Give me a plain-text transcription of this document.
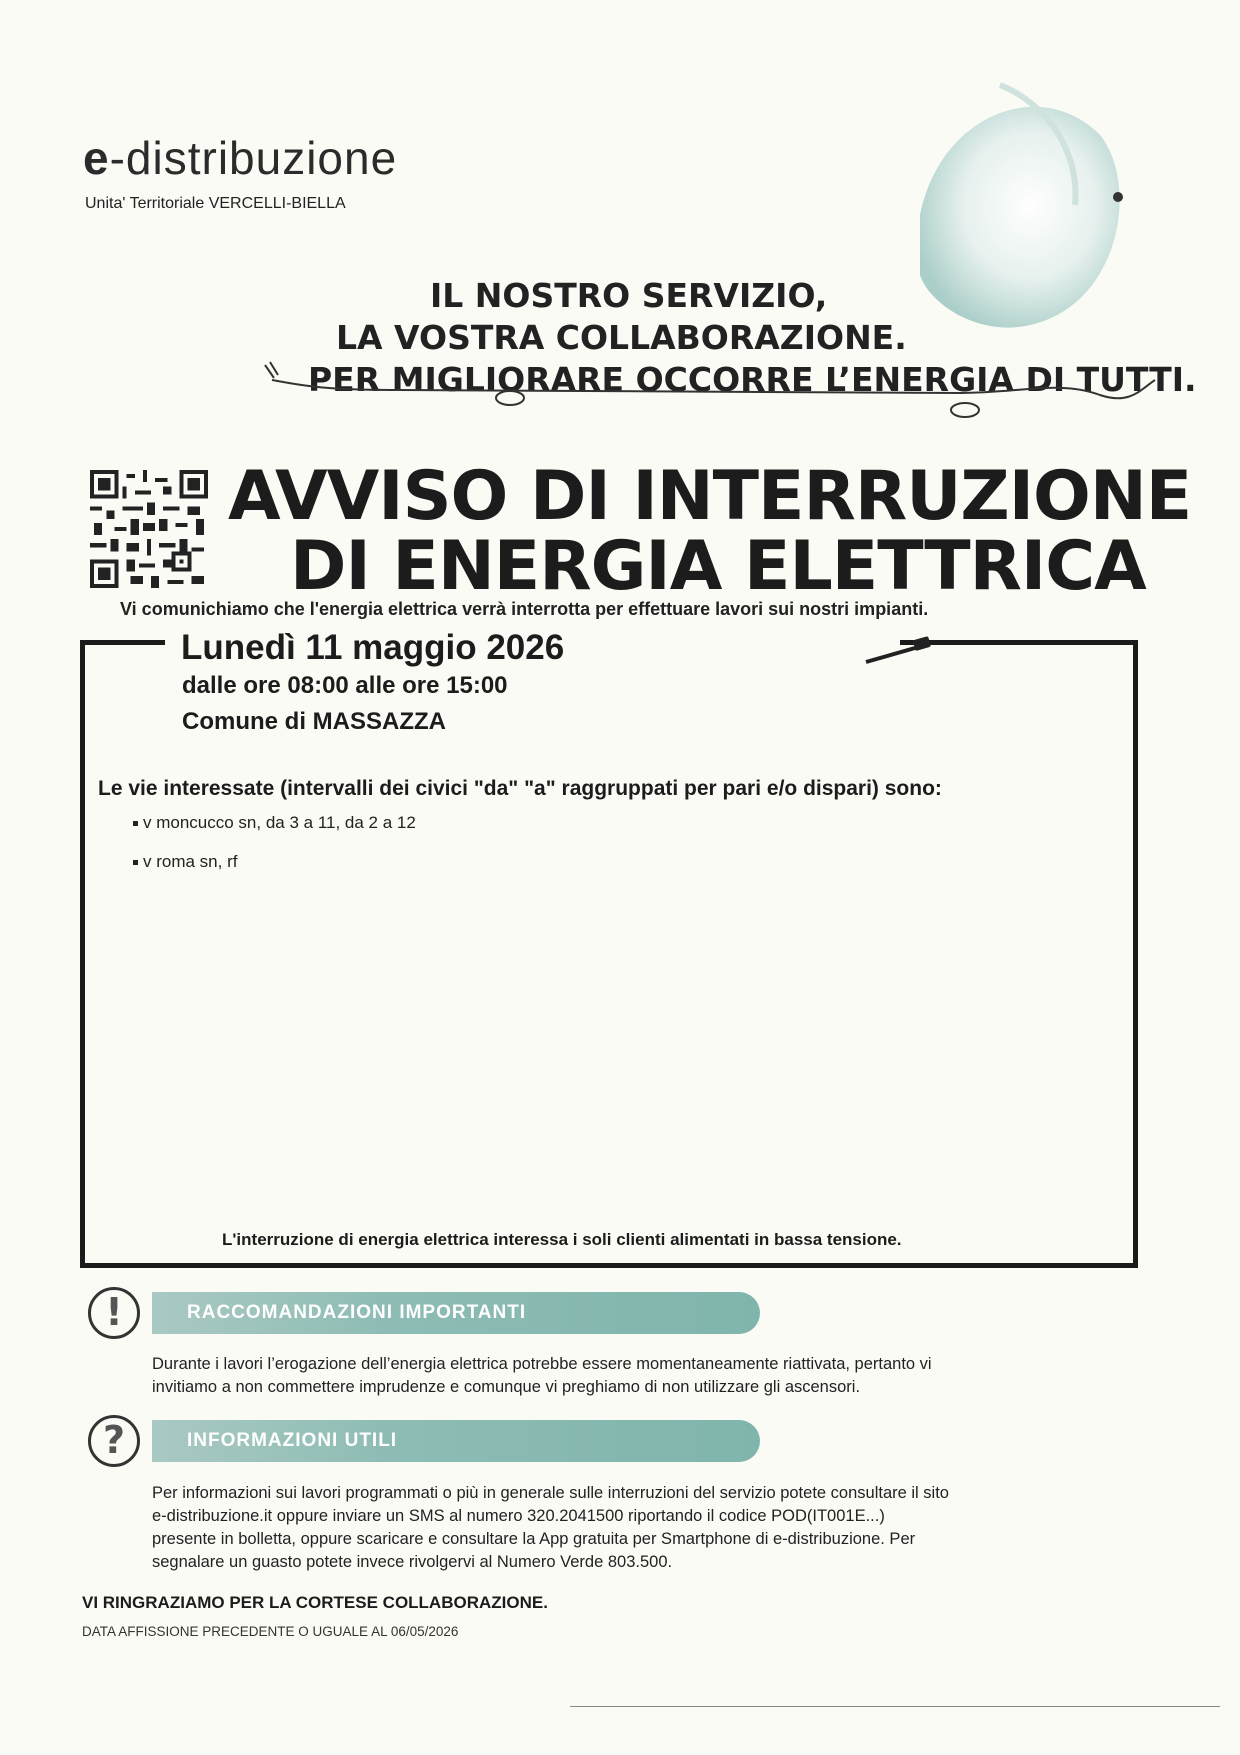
e-distribuzione
Unita' Territoriale VERCELLI-BIELLA
IL NOSTRO SERVIZIO,
LA VOSTRA COLLABORAZIONE.
PER MIGLIORARE OCCORRE L’ENERGIA DI TUTTI.
AVVISO DI INTERRUZIONE
DI ENERGIA ELETTRICA
Vi comunichiamo che l'energia elettrica verrà interrotta per effettuare lavori sui nostri impianti.
Lunedì 11 maggio 2026
dalle ore 08:00 alle ore 15:00
Comune di MASSAZZA
Le vie interessate (intervalli dei civici "da" "a" raggruppati per pari e/o dispari) sono:
v moncucco sn, da 3 a 11, da 2 a 12
v roma sn, rf
L'interruzione di energia elettrica interessa i soli clienti alimentati in bassa tensione.
RACCOMANDAZIONI IMPORTANTI
!
Durante i lavori l’erogazione dell’energia elettrica potrebbe essere momentaneamente riattivata, pertanto vi
invitiamo a non commettere imprudenze e comunque vi preghiamo di non utilizzare gli ascensori.
INFORMAZIONI UTILI
?
Per informazioni sui lavori programmati o più in generale sulle interruzioni del servizio potete consultare il sito
e-distribuzione.it oppure inviare un SMS al numero 320.2041500 riportando il codice POD(IT001E...)
presente in bolletta, oppure scaricare e consultare la App gratuita per Smartphone di e-distribuzione. Per
segnalare un guasto potete invece rivolgervi al Numero Verde 803.500.
VI RINGRAZIAMO PER LA CORTESE COLLABORAZIONE.
DATA AFFISSIONE PRECEDENTE O UGUALE AL 06/05/2026
